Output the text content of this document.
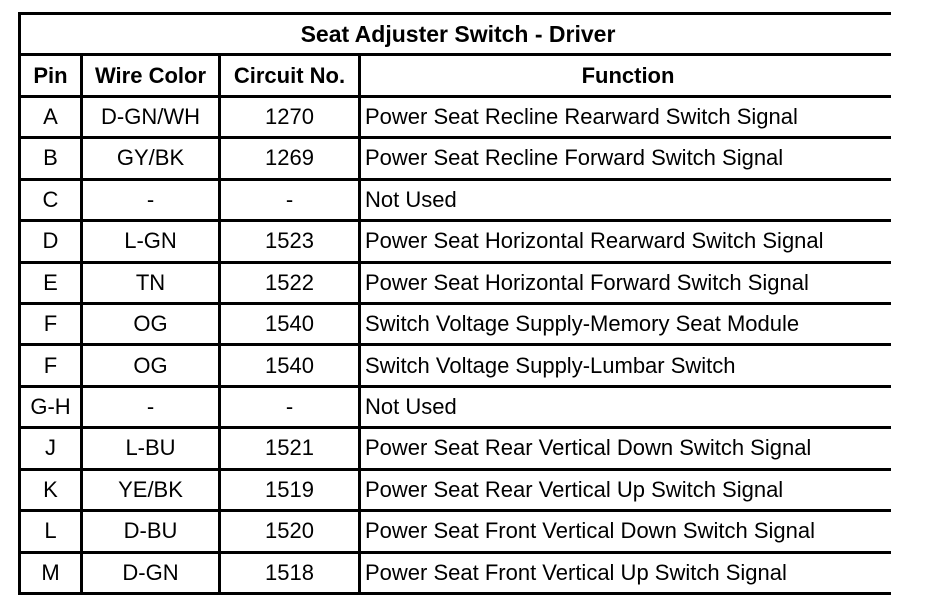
Seat Adjuster Switch - Driver
Pin	Wire Color	Circuit No.	Function
A	D-GN/WH	1270	Power Seat Recline Rearward Switch Signal
B	GY/BK	1269	Power Seat Recline Forward Switch Signal
C	-	-	Not Used
D	L-GN	1523	Power Seat Horizontal Rearward Switch Signal
E	TN	1522	Power Seat Horizontal Forward Switch Signal
F	OG	1540	Switch Voltage Supply-Memory Seat Module
F	OG	1540	Switch Voltage Supply-Lumbar Switch
G-H	-	-	Not Used
J	L-BU	1521	Power Seat Rear Vertical Down Switch Signal
K	YE/BK	1519	Power Seat Rear Vertical Up Switch Signal
L	D-BU	1520	Power Seat Front Vertical Down Switch Signal
M	D-GN	1518	Power Seat Front Vertical Up Switch Signal
